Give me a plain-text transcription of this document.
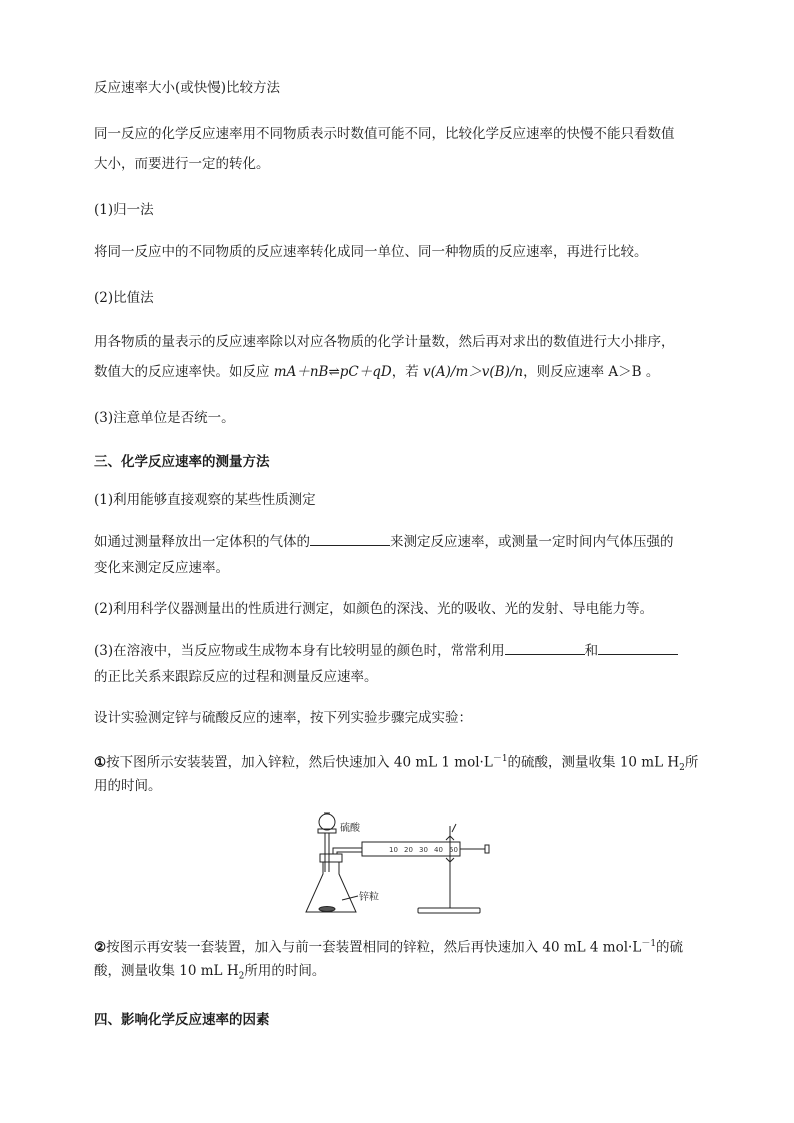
反应速率大小(或快慢)比较方法
同一反应的化学反应速率用不同物质表示时数值可能不同，比较化学反应速率的快慢不能只看数值
大小，而要进行一定的转化。
(1)归一法
将同一反应中的不同物质的反应速率转化成同一单位、同一种物质的反应速率，再进行比较。
(2)比值法
用各物质的量表示的反应速率除以对应各物质的化学计量数，然后再对求出的数值进行大小排序，
数值大的反应速率快。如反应 mA＋nB⇌pC＋qD，若 v(A)/m＞v(B)/n，则反应速率 A＞B 。
(3)注意单位是否统一。
三、化学反应速率的测量方法
(1)利用能够直接观察的某些性质测定
如通过测量释放出一定体积的气体的	来测定反应速率，或测量一定时间内气体压强的
变化来测定反应速率。
(2)利用科学仪器测量出的性质进行测定，如颜色的深浅、光的吸收、光的发射、导电能力等。
(3)在溶液中，当反应物或生成物本身有比较明显的颜色时，常常利用	和
的正比关系来跟踪反应的过程和测量反应速率。
设计实验测定锌与硫酸反应的速率，按下列实验步骤完成实验：
①按下图所示安装装置，加入锌粒，然后快速加入 40 mL 1 $mol\cdot L^{-1}$的硫酸，测量收集 10 mL $H_2$所
用的时间。
10 20 30 40 50
硫酸
锌粒
②按图示再安装一套装置，加入与前一套装置相同的锌粒，然后再快速加入 40 mL 4 $mol\cdot L^{-1}$的硫
酸，测量收集 10 mL $H_2$所用的时间。
四、影响化学反应速率的因素
